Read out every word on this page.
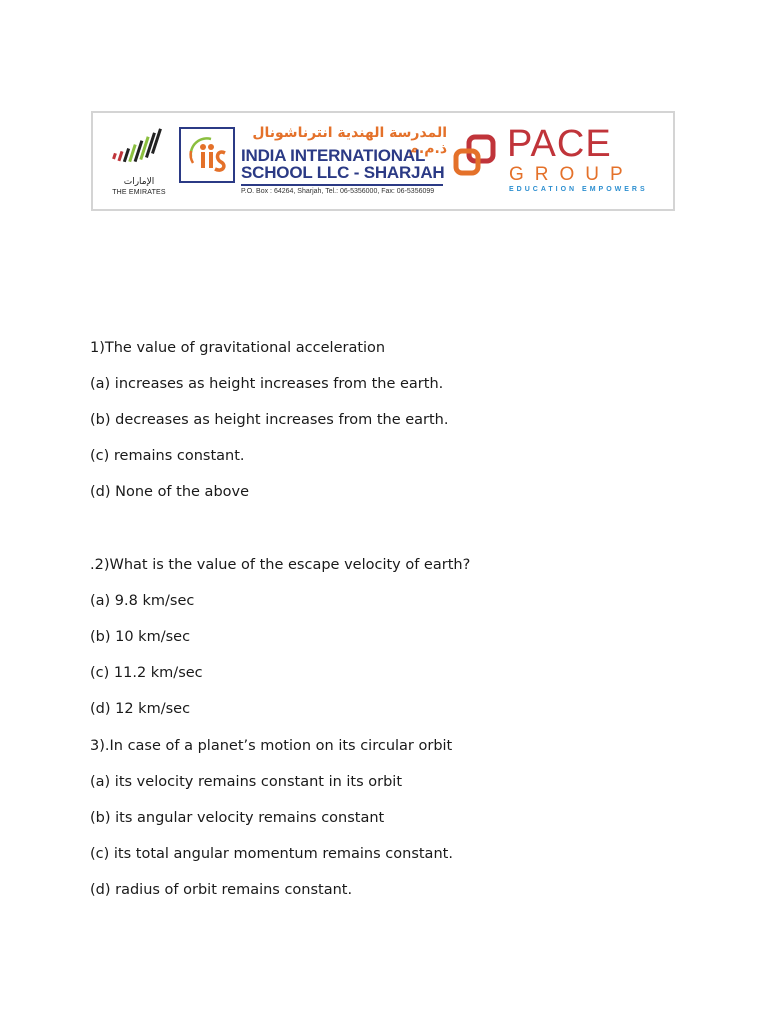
الإمارات
THE EMIRATES
المدرسة الهندية انترناشونال ذ.م.م
INDIA INTERNATIONAL
SCHOOL LLC - SHARJAH
P.O. Box : 64264, Sharjah, Tel.: 06-5356000, Fax: 06-5356099
PACE
GROUP
EDUCATION EMPOWERS

1)The value of gravitational acceleration

(a) increases as height increases from the earth.

(b) decreases as height increases from the earth.

(c) remains constant.

(d) None of the above

.2)What is the value of the escape velocity of earth?

(a) 9.8 km/sec

(b) 10 km/sec

(c) 11.2 km/sec

(d) 12 km/sec

3).In case of a planet’s motion on its circular orbit

(a) its velocity remains constant in its orbit

(b) its angular velocity remains constant

(c) its total angular momentum remains constant.

(d) radius of orbit remains constant.
